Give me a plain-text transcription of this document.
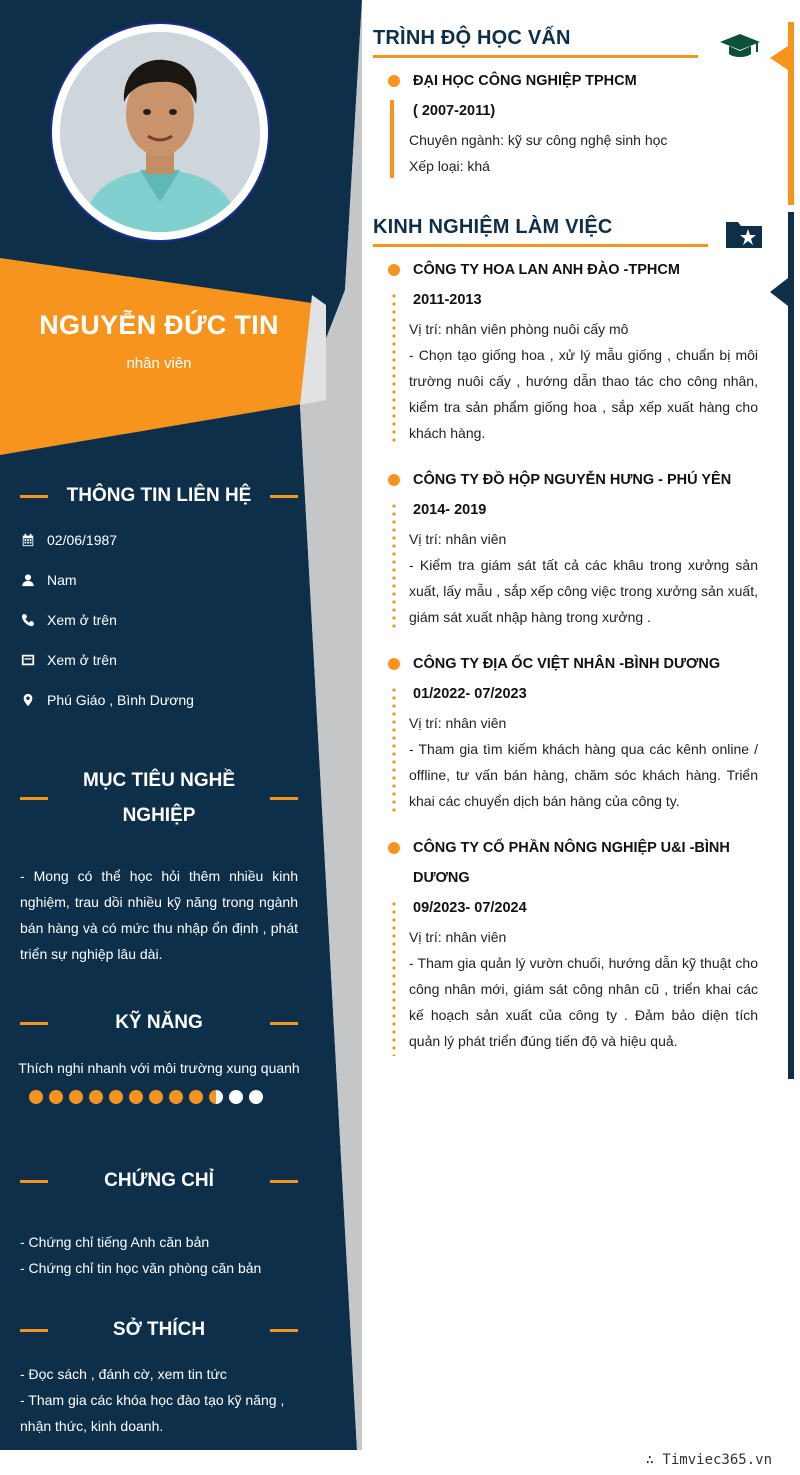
NGUYỄN ĐỨC TIN
nhân viên
THÔNG TIN LIÊN HỆ
02/06/1987
Nam
Xem ở trên
Xem ở trên
Phú Giáo , Bình Dương
MỤC TIÊU NGHỀ
NGHIỆP
- Mong có thể học hỏi thêm nhiều kinh nghiệm, trau dồi nhiều kỹ năng trong ngành bán hàng và có mức thu nhập ổn định , phát triển sự nghiệp lâu dài.
KỸ NĂNG
Thích nghi nhanh với môi trường xung quanh
CHỨNG CHỈ
- Chứng chỉ tiếng Anh căn bản
- Chứng chỉ tin học văn phòng căn bản
SỞ THÍCH
- Đọc sách , đánh cờ, xem tin tức
- Tham gia các khóa học đào tạo kỹ năng , nhận thức, kinh doanh.
TRÌNH ĐỘ HỌC VẤN
ĐẠI HỌC CÔNG NGHIỆP TPHCM
( 2007-2011)
Chuyên ngành: kỹ sư công nghệ sinh học
Xếp loại: khá
KINH NGHIỆM LÀM VIỆC
CÔNG TY HOA LAN ANH ĐÀO -TPHCM
2011-2013
Vị trí: nhân viên phòng nuôi cấy mô
- Chọn tạo giống hoa , xử lý mẫu giống , chuẩn bị môi trường nuôi cấy , hướng dẫn thao tác cho công nhân, kiểm tra sản phẩm giống hoa , sắp xếp xuất hàng cho khách hàng.
CÔNG TY ĐỒ HỘP NGUYỄN HƯNG - PHÚ YÊN
2014- 2019
Vị trí: nhân viên
- Kiểm tra giám sát tất cả các khâu trong xưởng sản xuất, lấy mẫu , sắp xếp công việc trong xưởng sản xuất, giám sát xuất nhập hàng trong xưởng .
CÔNG TY ĐỊA ỐC VIỆT NHÂN -BÌNH DƯƠNG
01/2022- 07/2023
Vị trí: nhân viên
- Tham gia tìm kiếm khách hàng qua các kênh online / offline, tư vấn bán hàng, chăm sóc khách hàng. Triển khai các chuyển dịch bán hàng của công ty.
CÔNG TY CỔ PHẦN NÔNG NGHIỆP U&I -BÌNH DƯƠNG
09/2023- 07/2024
Vị trí: nhân viên
- Tham gia quản lý vườn chuối, hướng dẫn kỹ thuật cho công nhân mới, giám sát công nhân cũ , triển khai các kế hoạch sản xuất của công ty . Đảm bảo diện tích quản lý phát triển đúng tiến độ và hiệu quả.
∴ Timviec365.vn
